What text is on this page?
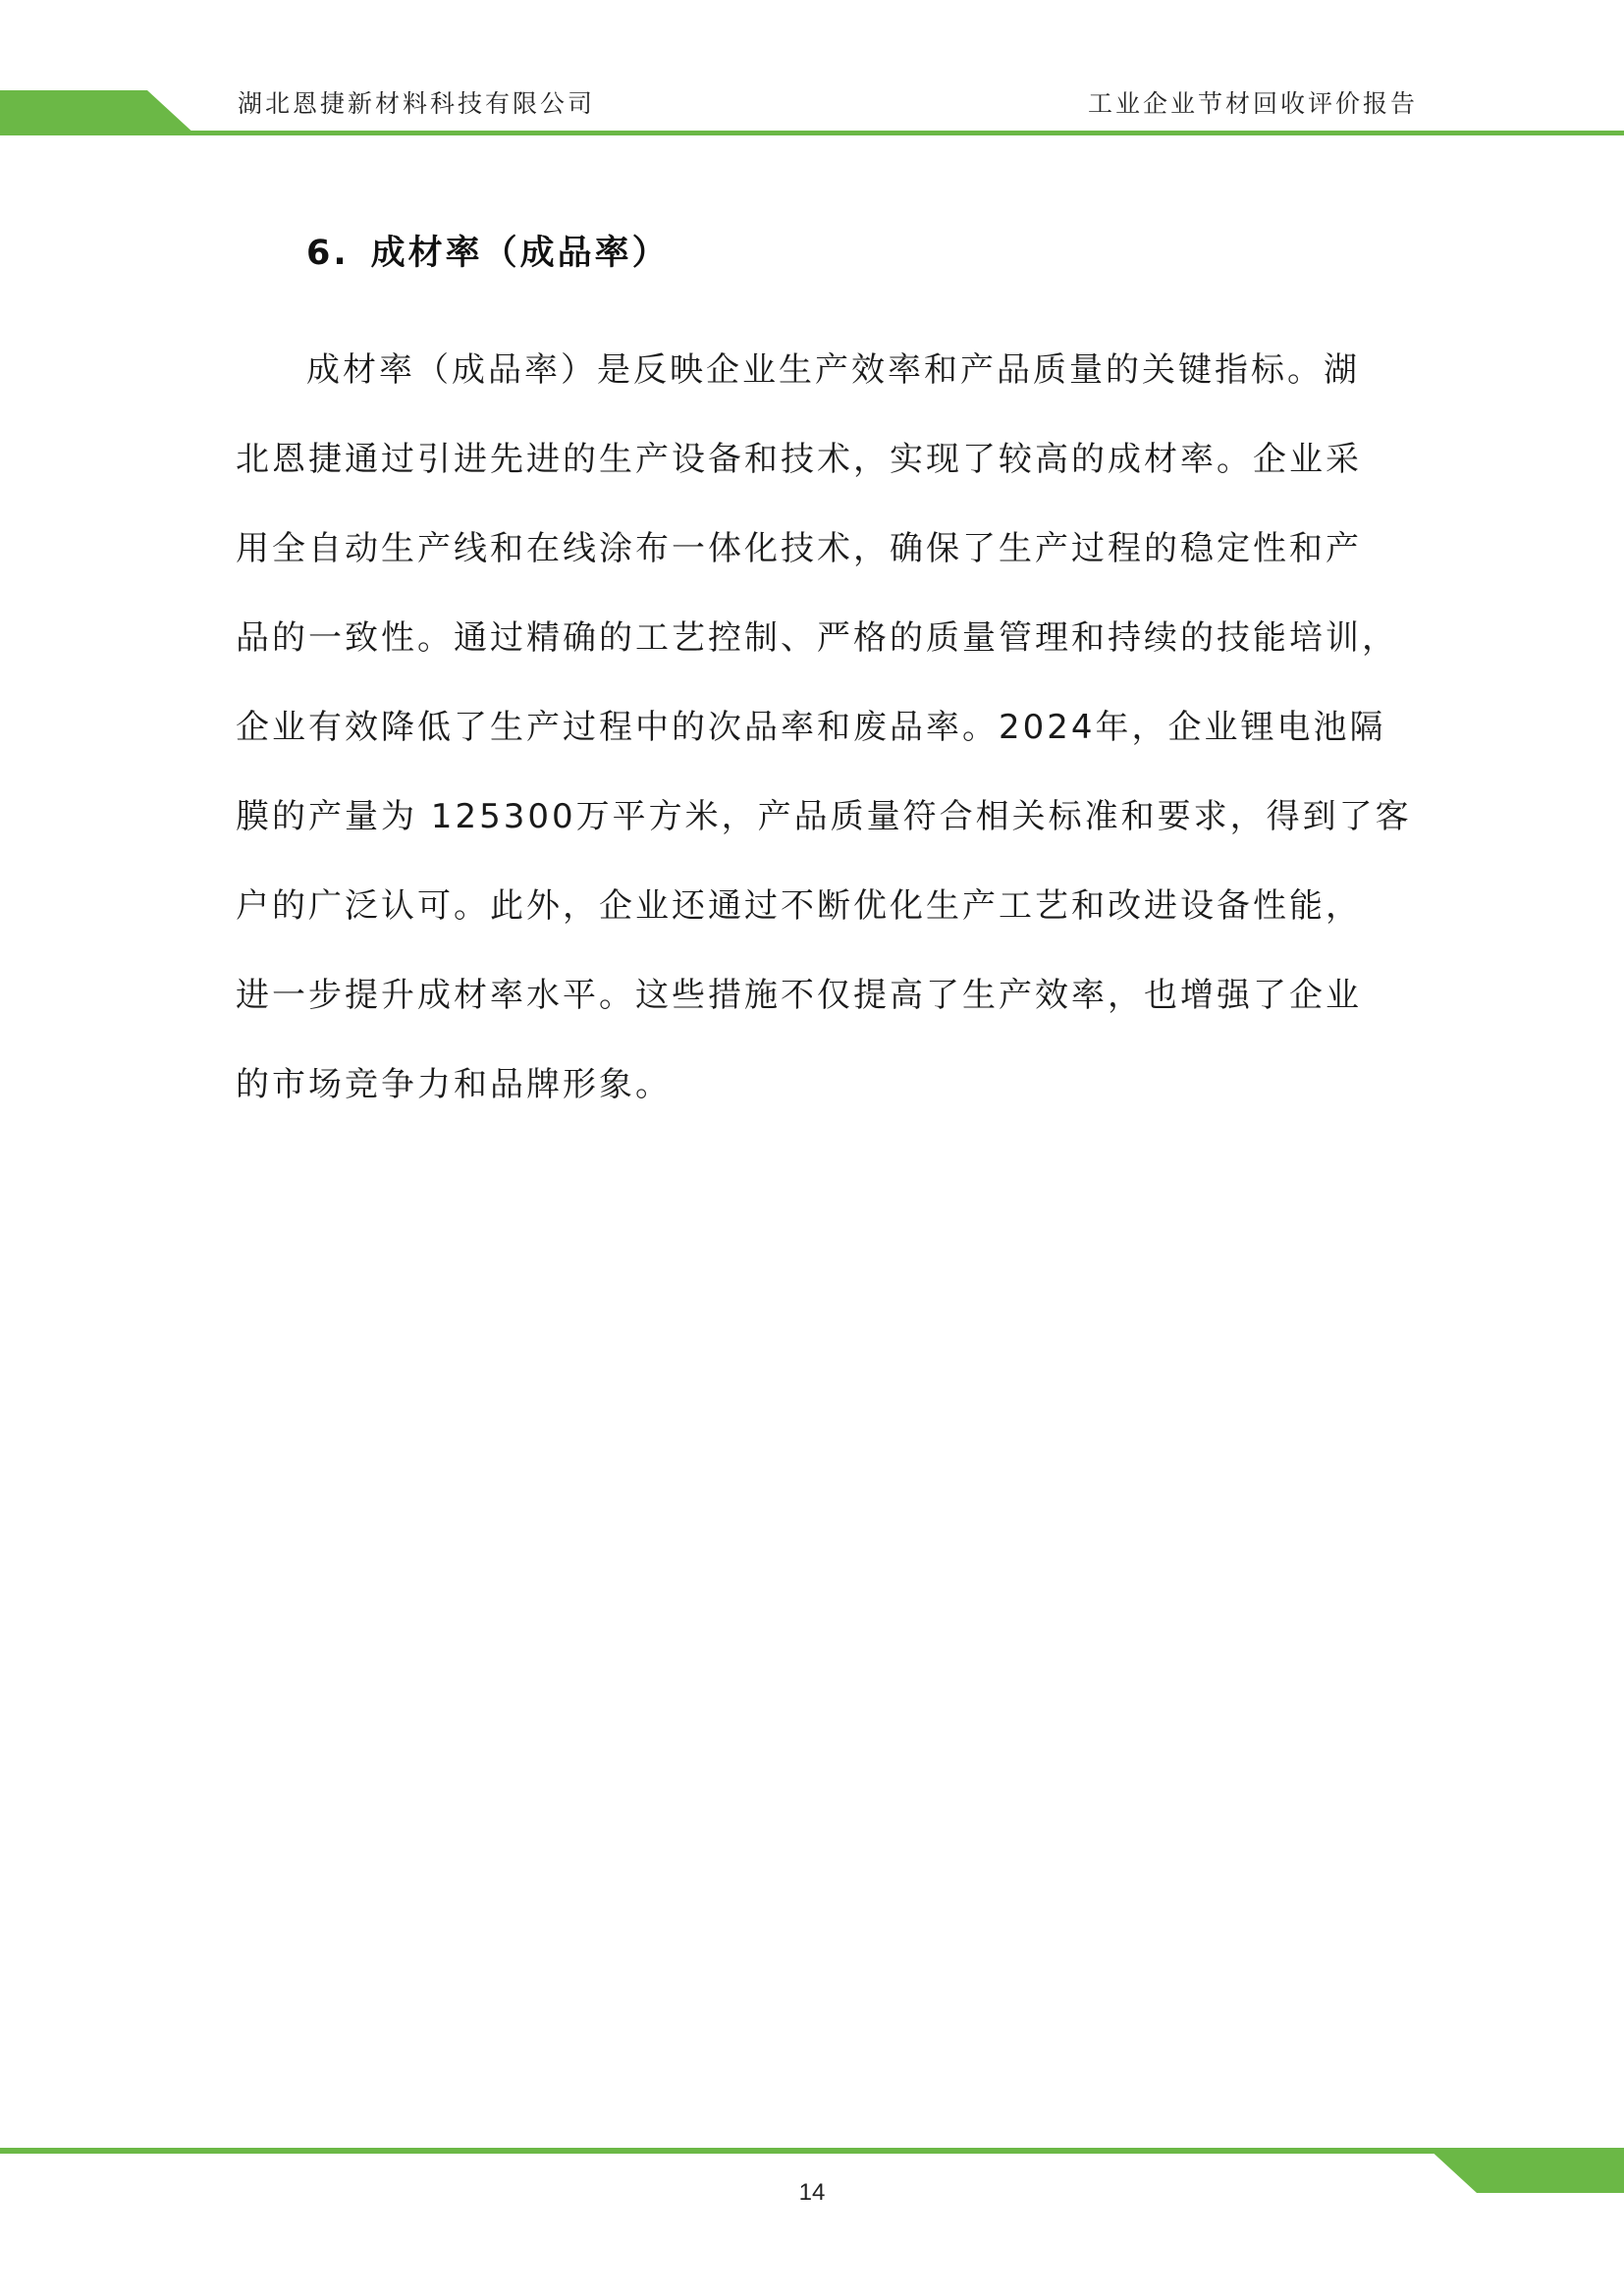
湖北恩捷新材料科技有限公司	工业企业节材回收评价报告
6. 成材率（成品率）
成材率（成品率）是反映企业生产效率和产品质量的关键指标。湖
北恩捷通过引进先进的生产设备和技术，实现了较高的成材率。企业采
用全自动生产线和在线涂布一体化技术，确保了生产过程的稳定性和产
品的一致性。通过精确的工艺控制、严格的质量管理和持续的技能培训，
企业有效降低了生产过程中的次品率和废品率。2024年，企业锂电池隔
膜的产量为 125300万平方米，产品质量符合相关标准和要求，得到了客
户的广泛认可。此外，企业还通过不断优化生产工艺和改进设备性能，
进一步提升成材率水平。这些措施不仅提高了生产效率，也增强了企业
的市场竞争力和品牌形象。
14
